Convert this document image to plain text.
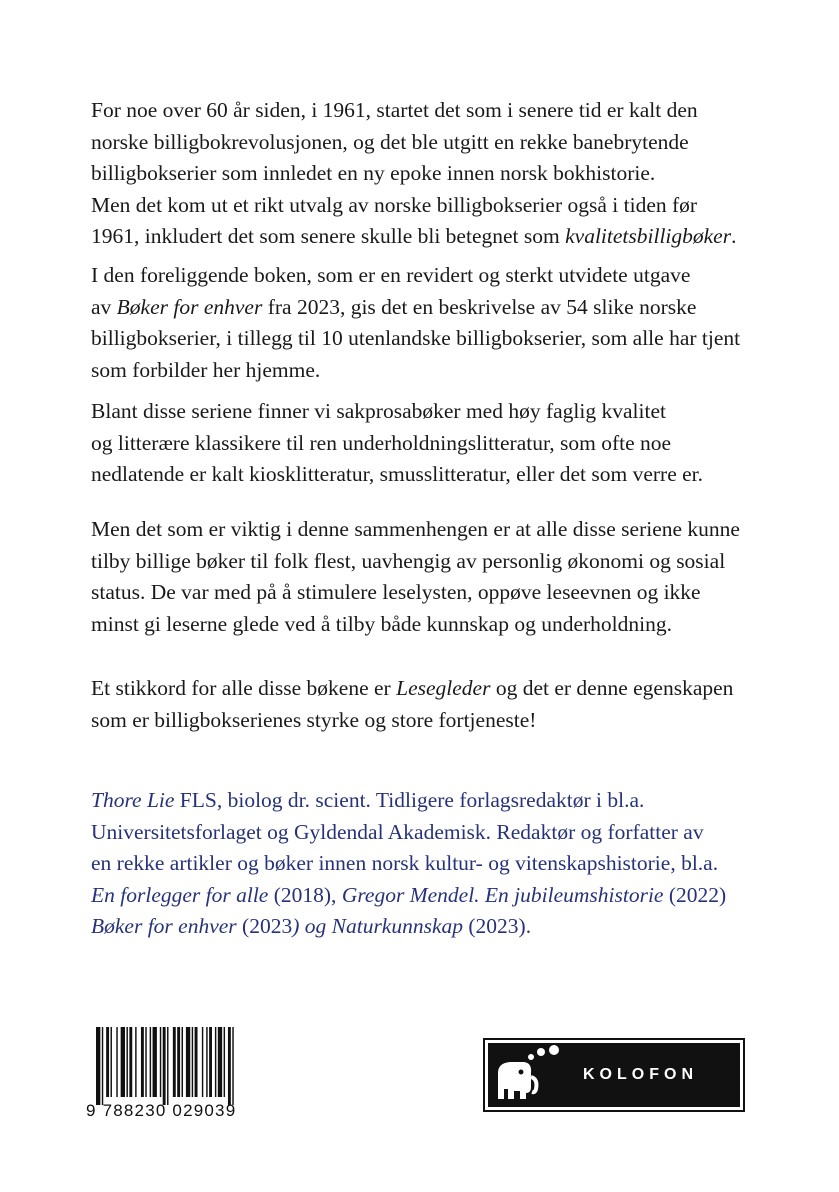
For noe over 60 år siden, i 1961, startet det som i senere tid er kalt den
norske billigbokrevolusjonen, og det ble utgitt en rekke banebrytende
billigbokserier som innledet en ny epoke innen norsk bokhistorie.
Men det kom ut et rikt utvalg av norske billigbokserier også i tiden før
1961, inkludert det som senere skulle bli betegnet som kvalitetsbilligbøker.

I den foreliggende boken, som er en revidert og sterkt utvidete utgave
av Bøker for enhver fra 2023, gis det en beskrivelse av 54 slike norske
billigbokserier, i tillegg til 10 utenlandske billigbokserier, som alle har tjent
som forbilder her hjemme.

Blant disse seriene finner vi sakprosabøker med høy faglig kvalitet
og litterære klassikere til ren underholdningslitteratur, som ofte noe
nedlatende er kalt kiosklitteratur, smusslitteratur, eller det som verre er.

Men det som er viktig i denne sammenhengen er at alle disse seriene kunne
tilby billige bøker til folk flest, uavhengig av personlig økonomi og sosial
status. De var med på å stimulere leselysten, oppøve leseevnen og ikke
minst gi leserne glede ved å tilby både kunnskap og underholdning.

Et stikkord for alle disse bøkene er Lesegleder og det er denne egenskapen
som er billigbokserienes styrke og store fortjeneste!

Thore Lie FLS, biolog dr. scient. Tidligere forlagsredaktør i bl.a.
Universitetsforlaget og Gyldendal Akademisk. Redaktør og forfatter av
en rekke artikler og bøker innen norsk kultur- og vitenskapshistorie, bl.a.
En forlegger for alle (2018), Gregor Mendel. En jubileumshistorie (2022)
Bøker for enhver (2023) og Naturkunnskap (2023).

9 788230 029039
KOLOFON
